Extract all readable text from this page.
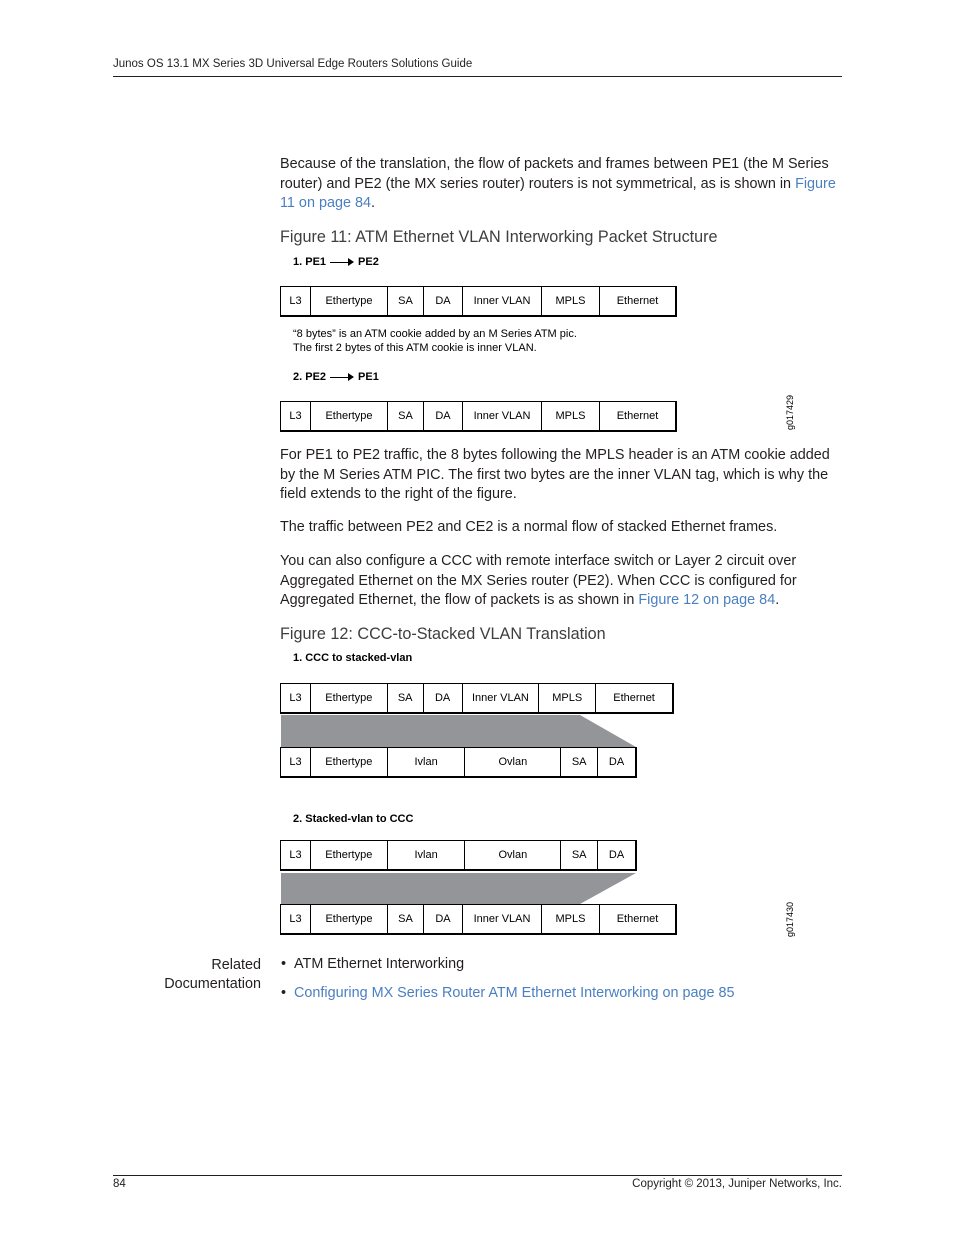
Junos OS 13.1 MX Series 3D Universal Edge Routers Solutions Guide
Because of the translation, the flow of packets and frames between PE1 (the M Series router) and PE2 (the MX series router) routers is not symmetrical, as is shown in Figure 11 on page 84.
Figure 11: ATM Ethernet VLAN Interworking Packet Structure
1. PE1	PE2
L3	Ethertype	SA	DA	Inner VLAN	MPLS	Ethernet
“8 bytes” is an ATM cookie added by an M Series ATM pic.
The first 2 bytes of this ATM cookie is inner VLAN.
2. PE2	PE1
L3	Ethertype	SA	DA	Inner VLAN	MPLS	Ethernet	g017429
For PE1 to PE2 traffic, the 8 bytes following the MPLS header is an ATM cookie added by the M Series ATM PIC. The first two bytes are the inner VLAN tag, which is why the field extends to the right of the figure.
The traffic between PE2 and CE2 is a normal flow of stacked Ethernet frames.
You can also configure a CCC with remote interface switch or Layer 2 circuit over Aggregated Ethernet on the MX Series router (PE2). When CCC is configured for Aggregated Ethernet, the flow of packets is as shown in Figure 12 on page 84.
Figure 12: CCC-to-Stacked VLAN Translation
1. CCC to stacked-vlan
L3	Ethertype	SA	DA	Inner VLAN	MPLS	Ethernet
L3	Ethertype	Ivlan	Ovlan	SA	DA
2. Stacked-vlan to CCC
L3	Ethertype	Ivlan	Ovlan	SA	DA
L3	Ethertype	SA	DA	Inner VLAN	MPLS	Ethernet	g017430
Related
Documentation
• ATM Ethernet Interworking
• Configuring MX Series Router ATM Ethernet Interworking on page 85
84	Copyright © 2013, Juniper Networks, Inc.
